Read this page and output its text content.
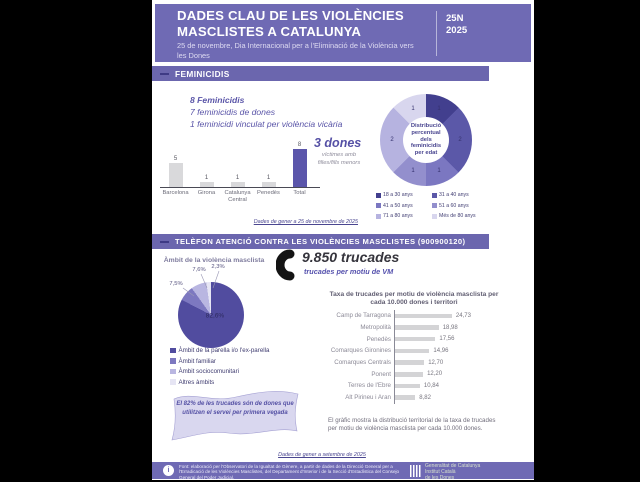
DADES CLAU DE LES VIOLÈNCIES MASCLISTES A CATALUNYA

25 de novembre, Dia Internacional per a l'Eliminació de la Violència vers les Dones

25N
2025
FEMINICIDIS
8 Feminicidis
7 feminicidis de dones
1 feminicidi vinculat per violència vicària
5
1	1	1
8
Barcelona	Girona	Catalunya Central
Penedès	Total
3 dones
víctimes amb filles/fills menors
Distribució percentual dels feminicidis per edat
1
2
1
1
2
1
18 a 30 anys	31 a 40 anys
41 a 50 anys	51 a 60 anys
71 a 80 anys	Més de 80 anys
Dades de gener a 25 de novembre de 2025
TELÈFON ATENCIÓ CONTRA LES VIOLÈNCIES MASCLISTES (900900120)
Àmbit de la violència masclista
82,6%
7,5%
7,6% 2,3%
Àmbit de la parella i/o l'ex-parella
Àmbit familiar
Àmbit sociocomunitari
Altres àmbits
9.850 trucades
trucades per motiu de VM
Taxa de trucades per motiu de violència masclista per cada 10.000 dones i territori
Camp de Tarragona	24,73
Metropolità	18,98
Penedès	17,56
Comarques Gironines	14,96
Comarques Centrals	12,70
Ponent	12,20
Terres de l'Ebre	10,84
Alt Pirineu i Aran	8,82
El 82% de les trucades són de dones que utilitzen el servei per primera vegada
El gràfic mostra la distribució territorial de la taxa de trucades per motiu de violència masclista per cada 10.000 dones.
Dades de gener a setembre de 2025
i
Font: elaboració per l'Observatori de la Igualtat de Gènere, a partir de dades de la Direcció General per a l'Erradicació de les Violències Masclistes, del Departament d'Interior i de la Secció d'Estadística del Consejo General del Poder Judicial.
Generalitat de Catalunya
Institut Català
de les Dones
